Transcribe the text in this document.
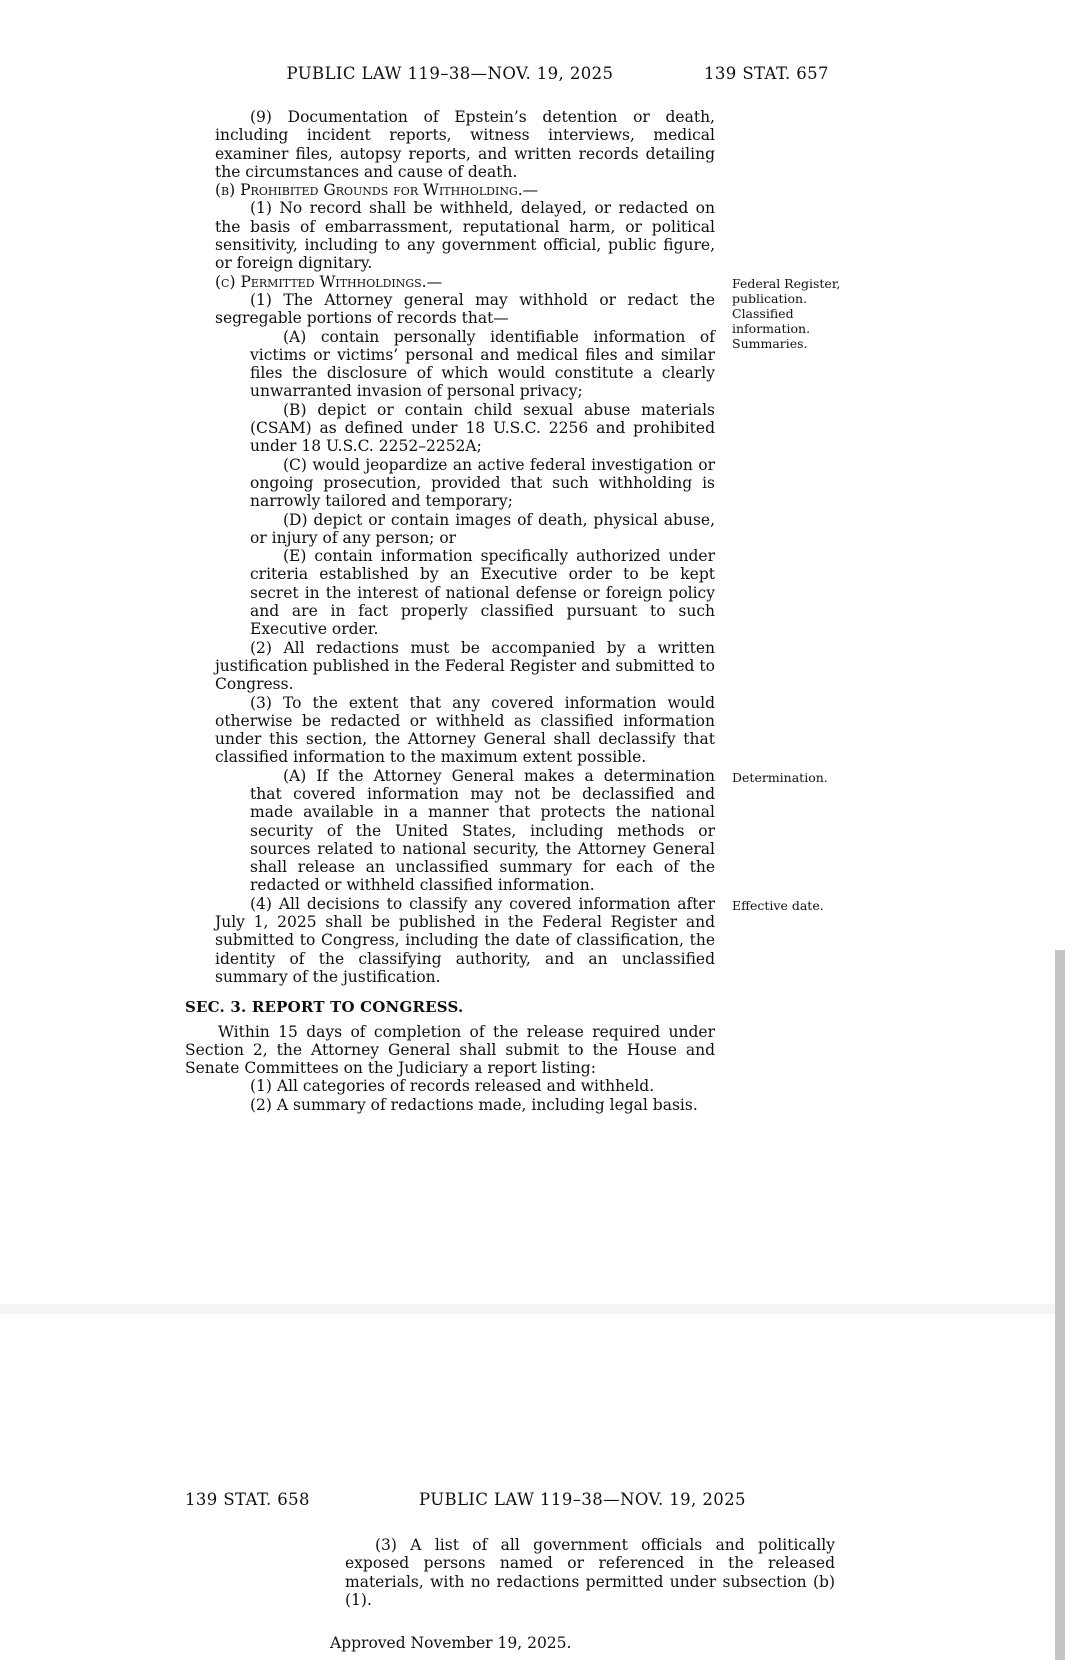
PUBLIC LAW 119–38—NOV. 19, 2025	139 STAT. 657

(9) Documentation of Epstein’s detention or death, including incident reports, witness interviews, medical examiner files, autopsy reports, and written records detailing the circumstances and cause of death.

(b) Prohibited Grounds for Withholding.—

(1) No record shall be withheld, delayed, or redacted on the basis of embarrassment, reputational harm, or political sensitivity, including to any government official, public figure, or foreign dignitary.

(c) Permitted Withholdings.—	Federal Register, publication. Classified information. Summaries.

(1) The Attorney general may withhold or redact the segregable portions of records that—

(A) contain personally identifiable information of victims or victims’ personal and medical files and similar files the disclosure of which would constitute a clearly unwarranted invasion of personal privacy;

(B) depict or contain child sexual abuse materials (CSAM) as defined under 18 U.S.C. 2256 and prohibited under 18 U.S.C. 2252–2252A;

(C) would jeopardize an active federal investigation or ongoing prosecution, provided that such withholding is narrowly tailored and temporary;

(D) depict or contain images of death, physical abuse, or injury of any person; or

(E) contain information specifically authorized under criteria established by an Executive order to be kept secret in the interest of national defense or foreign policy and are in fact properly classified pursuant to such Executive order.

(2) All redactions must be accompanied by a written justification published in the Federal Register and submitted to Congress.

(3) To the extent that any covered information would otherwise be redacted or withheld as classified information under this section, the Attorney General shall declassify that classified information to the maximum extent possible.

(A) If the Attorney General makes a determination that covered information may not be declassified and made available in a manner that protects the national security of the United States, including methods or sources related to national security, the Attorney General shall release an unclassified summary for each of the redacted or withheld classified information.
Determination.

(4) All decisions to classify any covered information after July 1, 2025 shall be published in the Federal Register and submitted to Congress, including the date of classification, the identity of the classifying authority, and an unclassified summary of the justification.
Effective date.

SEC. 3. REPORT TO CONGRESS.

Within 15 days of completion of the release required under Section 2, the Attorney General shall submit to the House and Senate Committees on the Judiciary a report listing:

(1) All categories of records released and withheld.

(2) A summary of redactions made, including legal basis.

139 STAT. 658	PUBLIC LAW 119–38—NOV. 19, 2025

(3) A list of all government officials and politically exposed persons named or referenced in the released materials, with no redactions permitted under subsection (b)(1).

Approved November 19, 2025.
